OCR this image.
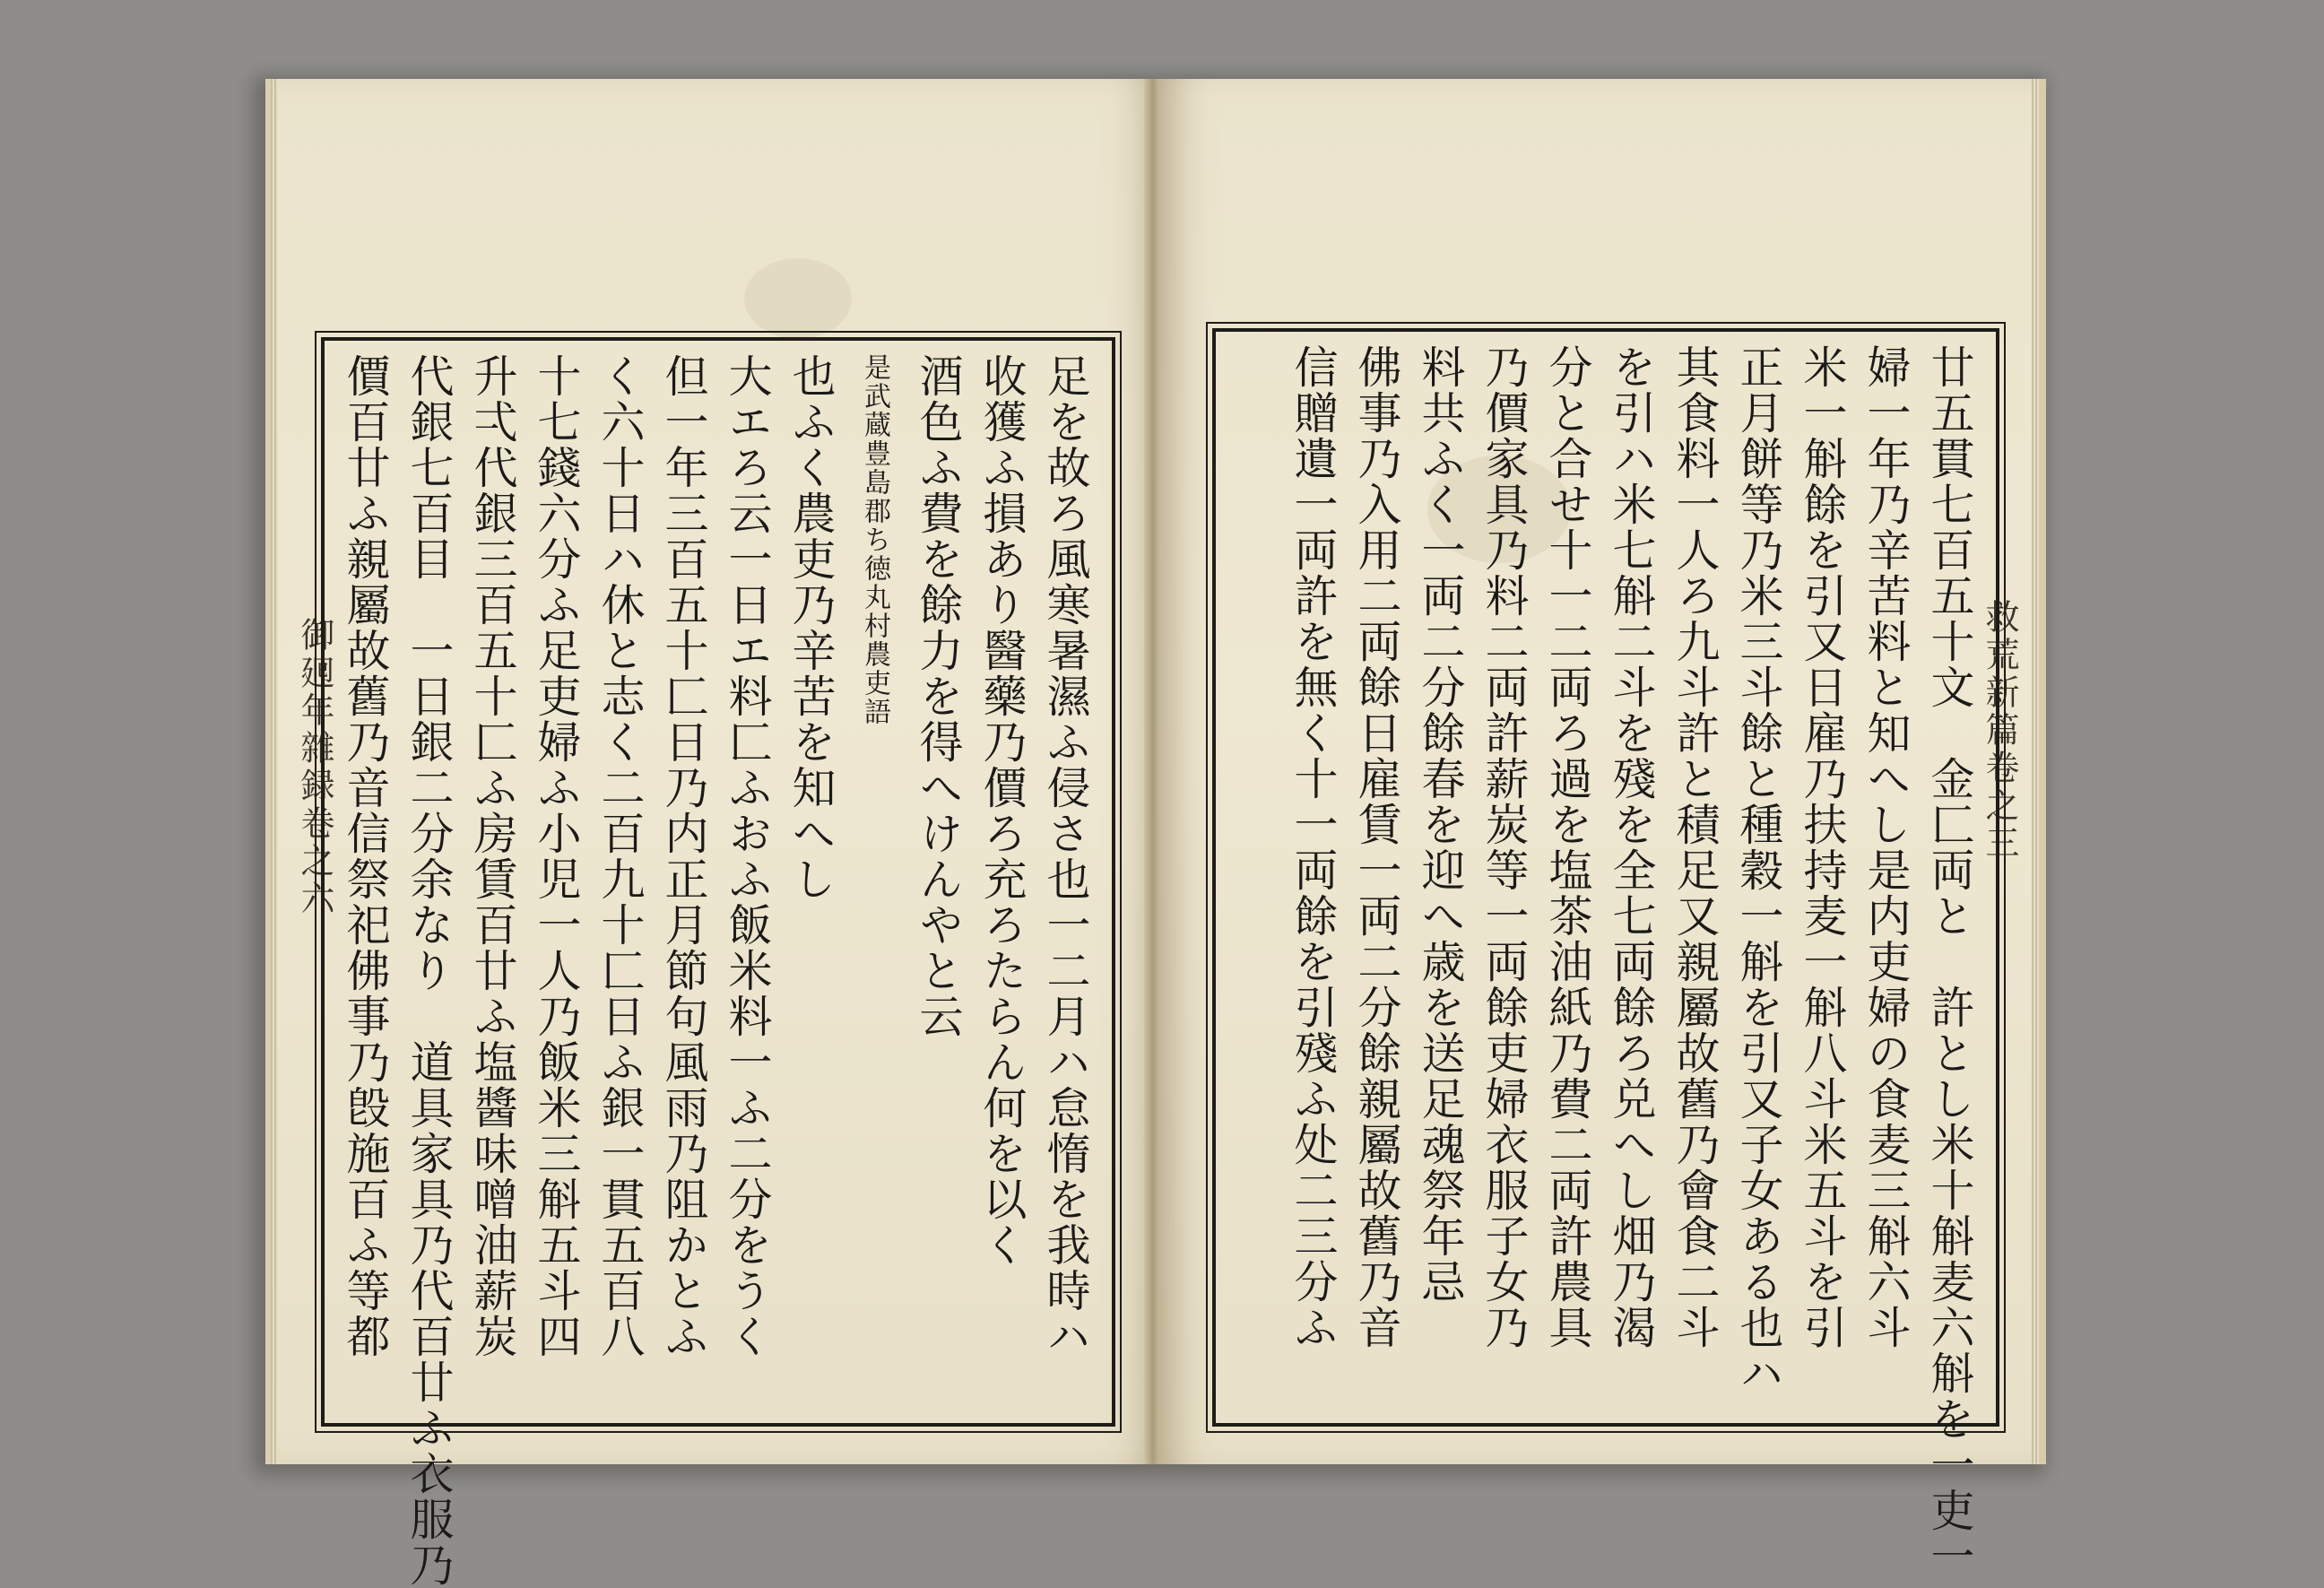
御𢌞年雜録卷之六	足を故ろ風寒暑濕ふ侵さ也一二月ハ怠惰を我時ハ
收獲ふ損あり醫藥乃價ろ充ろたらん何を以く
酒色ふ費を餘力を得へけんやと云
是武蔵豊島郡ち徳丸村農吏語
也ふく農吏乃辛苦を知へし
大エろ云一日エ料匚ふおふ飯米料一ふ二分をうく
但一年三百五十匚日乃内正月節句風雨乃阻かとふ
く六十日ハ休と志く二百九十匚日ふ銀一貫五百八
十七錢六分ふ足吏婦ふ小児一人乃飯米三斛五斗四
升弌代銀三百五十匚ふ房賃百廿ふ塩醬味噌油薪炭
代銀七百目　一日銀二分余なり　道具家具乃代百廿ふ衣服乃
價百廿ふ親屬故舊乃音信祭祀佛事乃𣪘施百ふ等都	救荒新篇卷之三
廿五貫七百五十文　金匚両と　許とし米十斛麦六斛を一吏一
婦一年乃辛苦料と知へし是内吏婦の食麦三斛六斗
米一斛餘を引又日雇乃扶持麦一斛八斗米五斗を引
正月餅等乃米三斗餘と種穀一斛を引又子女ある也ハ
其食料一人ろ九斗許と積足又親屬故舊乃會食二斗
を引ハ米七斛二斗を殘を全七両餘ろ兑へし畑乃渴
分と合せ十一二両ろ過を塩茶油紙乃費二両許農具
乃價家具乃料二両許薪炭等一両餘吏婦衣服子女乃
料共ふく一両二分餘春を迎へ歳を送足魂祭年忌
佛事乃入用二両餘日雇賃一両二分餘親屬故舊乃音
信贈遺一両許を無く十一両餘を引殘ふ处二三分ふ
